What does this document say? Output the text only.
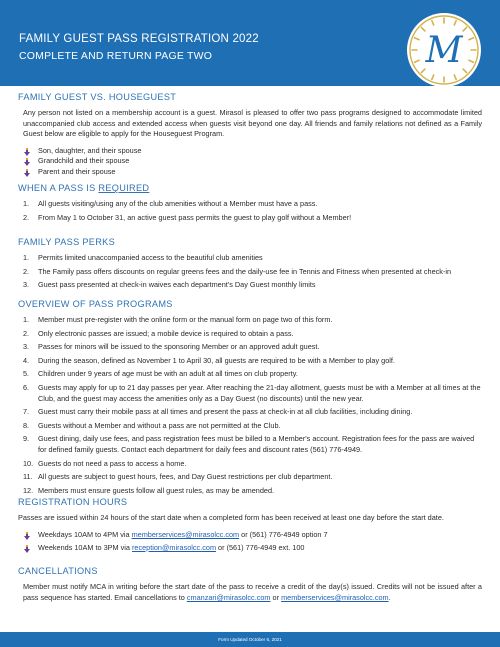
FAMILY GUEST PASS REGISTRATION 2022
COMPLETE AND RETURN PAGE TWO	M
FAMILY GUEST VS. HOUSEGUEST

Any person not listed on a membership account is a guest. Mirasol is pleased to offer two pass programs designed to accommodate limited unaccompanied club access and extended access when guests visit beyond one day. All friends and family relations not defined as a Family Guest below are eligible to apply for the Houseguest Program.

Son, daughter, and their spouse
Grandchild and their spouse
Parent and their spouse
WHEN A PASS IS REQUIRED
1. All guests visiting/using any of the club amenities without a Member must have a pass.
2. From May 1 to October 31, an active guest pass permits the guest to play golf without a Member!
FAMILY PASS PERKS
1. Permits limited unaccompanied access to the beautiful club amenities
2. The Family pass offers discounts on regular greens fees and the daily-use fee in Tennis and Fitness when presented at check-in
3. Guest pass presented at check-in waives each department's Day Guest monthly limits
OVERVIEW OF PASS PROGRAMS
1. Member must pre-register with the online form or the manual form on page two of this form.
2. Only electronic passes are issued; a mobile device is required to obtain a pass.
3. Passes for minors will be issued to the sponsoring Member or an approved adult guest.
4. During the season, defined as November 1 to April 30, all guests are required to be with a Member to play golf.
5. Children under 9 years of age must be with an adult at all times on club property.
6. Guests may apply for up to 21 day passes per year. After reaching the 21-day allotment, guests must be with a Member at all times at the Club, and the guest may access the amenities only as a Day Guest (no discounts) until the new year.
7. Guest must carry their mobile pass at all times and present the pass at check-in at all club facilities, including dining.
8. Guests without a Member and without a pass are not permitted at the Club.
9. Guest dining, daily use fees, and pass registration fees must be billed to a Member's account. Registration fees for the pass are waived for defined family guests. Contact each department for daily fees and discount rates (561) 776-4949.
10. Guests do not need a pass to access a home.
11. All guests are subject to guest hours, fees, and Day Guest restrictions per club department.
12. Members must ensure guests follow all guest rules, as may be amended.
REGISTRATION HOURS

Passes are issued within 24 hours of the start date when a completed form has been received at least one day before the start date.

Weekdays 10AM to 4PM via memberservices@mirasolcc.com or (561) 776-4949 option 7
Weekends 10AM to 3PM via reception@mirasolcc.com or (561) 776-4949 ext. 100
CANCELLATIONS

Member must notify MCA in writing before the start date of the pass to receive a credit of the day(s) issued. Credits will not be issued after a pass sequence has started. Email cancellations to cmanzari@mirasolcc.com or memberservices@mirasolcc.com.

Form Updated October 6, 2021
